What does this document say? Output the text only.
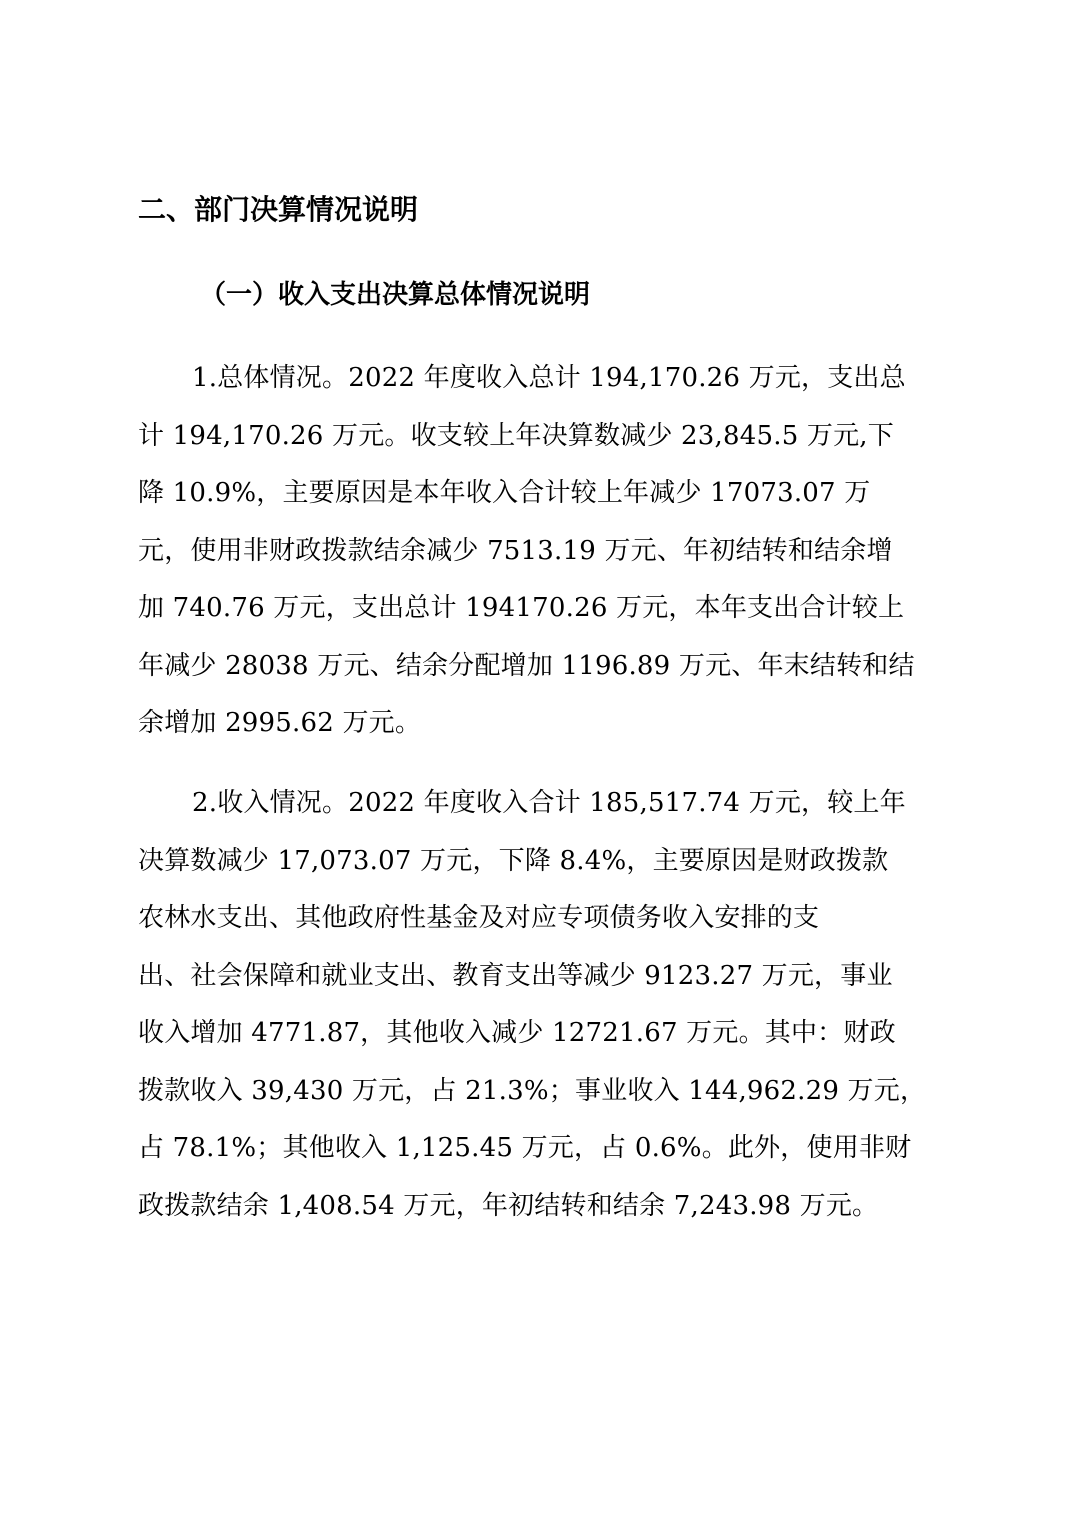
二、部门决算情况说明
（一）收入支出决算总体情况说明

1.总体情况。2022 年度收入总计 194,170.26 万元，支出总
计 194,170.26 万元。收支较上年决算数减少 23,845.5 万元,下
降 10.9%，主要原因是本年收入合计较上年减少 17073.07 万
元，使用非财政拨款结余减少 7513.19 万元、年初结转和结余增
加 740.76 万元，支出总计 194170.26 万元，本年支出合计较上
年减少 28038 万元、结余分配增加 1196.89 万元、年末结转和结
余增加 2995.62 万元。

2.收入情况。2022 年度收入合计 185,517.74 万元，较上年
决算数减少 17,073.07 万元，下降 8.4%，主要原因是财政拨款
农林水支出、其他政府性基金及对应专项债务收入安排的支
出、社会保障和就业支出、教育支出等减少 9123.27 万元，事业
收入增加 4771.87，其他收入减少 12721.67 万元。其中：财政
拨款收入 39,430 万元，占 21.3%；事业收入 144,962.29 万元，
占 78.1%；其他收入 1,125.45 万元，占 0.6%。此外，使用非财
政拨款结余 1,408.54 万元，年初结转和结余 7,243.98 万元。
